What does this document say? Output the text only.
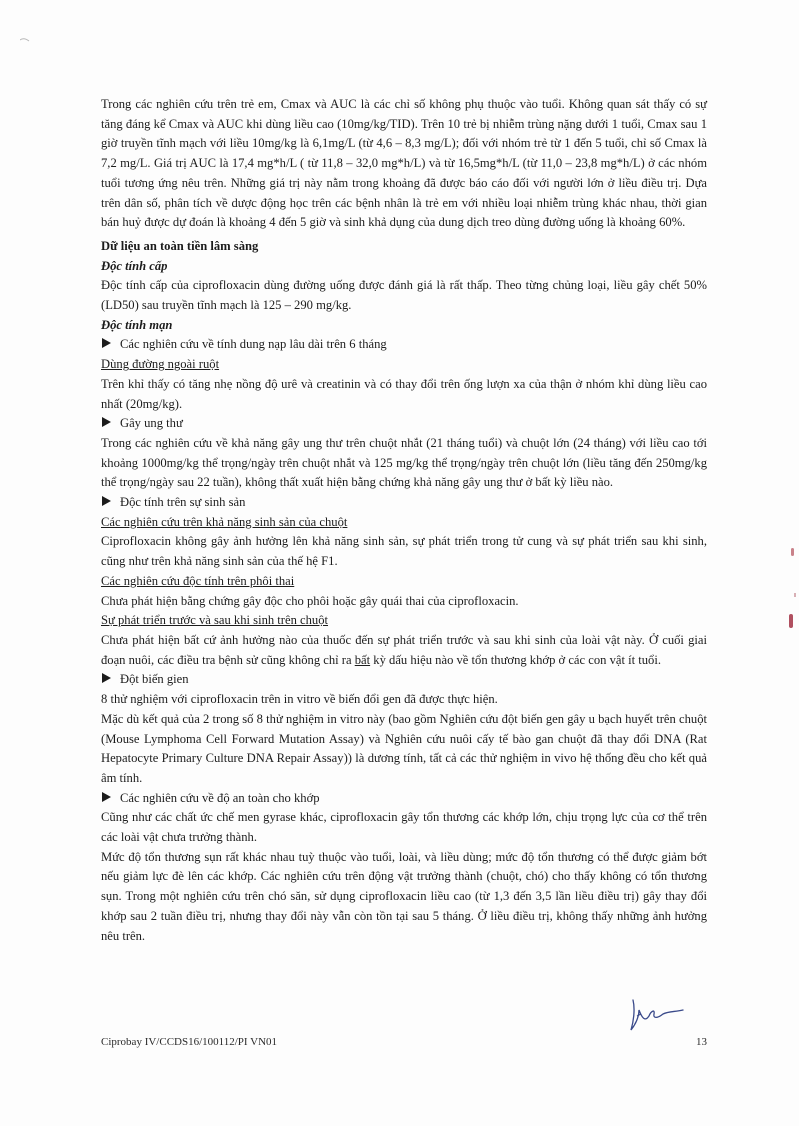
Trong các nghiên cứu trên trẻ em, Cmax và AUC là các chỉ số không phụ thuộc vào tuổi. Không quan sát thấy có sự tăng đáng kể Cmax và AUC khi dùng liều cao (10mg/kg/TID). Trên 10 trẻ bị nhiễm trùng nặng dưới 1 tuổi, Cmax sau 1 giờ truyền tĩnh mạch với liều 10mg/kg là 6,1mg/L (từ 4,6 – 8,3 mg/L); đối với nhóm trẻ từ 1 đến 5 tuổi, chỉ số Cmax là 7,2 mg/L. Giá trị AUC là 17,4 mg*h/L ( từ 11,8 – 32,0 mg*h/L) và từ 16,5mg*h/L (từ 11,0 – 23,8 mg*h/L) ở các nhóm tuổi tương ứng nêu trên. Những giá trị này nằm trong khoảng đã được báo cáo đối với người lớn ở liều điều trị. Dựa trên dân số, phân tích về dược động học trên các bệnh nhân là trẻ em với nhiều loại nhiễm trùng khác nhau, thời gian bán huỷ được dự đoán là khoảng 4 đến 5 giờ và sinh khả dụng của dung dịch treo dùng đường uống là khoảng 60%.

Dữ liệu an toàn tiền lâm sàng

Độc tính cấp

Độc tính cấp của ciprofloxacin dùng đường uống được đánh giá là rất thấp. Theo từng chủng loại, liều gây chết 50% (LD50) sau truyền tĩnh mạch là 125 – 290 mg/kg.

Độc tính mạn

Các nghiên cứu về tính dung nạp lâu dài trên 6 tháng

Dùng đường ngoài ruột

Trên khỉ thấy có tăng nhẹ nồng độ urê và creatinin và có thay đổi trên ống lượn xa của thận ở nhóm khỉ dùng liều cao nhất (20mg/kg).

Gây ung thư

Trong các nghiên cứu về khả năng gây ung thư trên chuột nhắt (21 tháng tuổi) và chuột lớn (24 tháng) với liều cao tới khoảng 1000mg/kg thể trọng/ngày trên chuột nhắt và 125 mg/kg thể trọng/ngày trên chuột lớn (liều tăng đến 250mg/kg thể trọng/ngày sau 22 tuần), không thất xuất hiện bằng chứng khả năng gây ung thư ở bất kỳ liều nào.

Độc tính trên sự sinh sản

Các nghiên cứu trên khả năng sinh sản của chuột

Ciprofloxacin không gây ảnh hưởng lên khả năng sinh sản, sự phát triển trong tử cung và sự phát triển sau khi sinh, cũng như trên khả năng sinh sản của thế hệ F1.

Các nghiên cứu độc tính trên phôi thai

Chưa phát hiện bằng chứng gây độc cho phôi hoặc gây quái thai của ciprofloxacin.

Sự phát triển trước và sau khi sinh trên chuột

Chưa phát hiện bất cứ ảnh hưởng nào của thuốc đến sự phát triển trước và sau khi sinh của loài vật này. Ở cuối giai đoạn nuôi, các điều tra bệnh sử cũng không chỉ ra bất kỳ dấu hiệu nào về tổn thương khớp ở các con vật ít tuổi.

Đột biến gien

8 thử nghiệm với ciprofloxacin trên in vitro về biến đổi gen đã được thực hiện.

Mặc dù kết quả của 2 trong số 8 thử nghiệm in vitro này (bao gồm Nghiên cứu đột biến gen gây u bạch huyết trên chuột (Mouse Lymphoma Cell Forward Mutation Assay) và Nghiên cứu nuôi cấy tế bào gan chuột đã thay đổi DNA (Rat Hepatocyte Primary Culture DNA Repair Assay)) là dương tính, tất cả các thử nghiệm in vivo hệ thống đều cho kết quả âm tính.

Các nghiên cứu về độ an toàn cho khớp

Cũng như các chất ức chế men gyrase khác, ciprofloxacin gây tổn thương các khớp lớn, chịu trọng lực của cơ thể trên các loài vật chưa trưởng thành.

Mức độ tổn thương sụn rất khác nhau tuỳ thuộc vào tuổi, loài, và liều dùng; mức độ tổn thương có thể được giảm bớt nếu giảm lực đè lên các khớp. Các nghiên cứu trên động vật trưởng thành (chuột, chó) cho thấy không có tổn thương sụn. Trong một nghiên cứu trên chó săn, sử dụng ciprofloxacin liều cao (từ 1,3 đến 3,5 lần liều điều trị) gây thay đổi khớp sau 2 tuần điều trị, nhưng thay đổi này vẫn còn tồn tại sau 5 tháng. Ở liều điều trị, không thấy những ảnh hưởng nêu trên.

Ciprobay IV/CCDS16/100112/PI VN01	13
